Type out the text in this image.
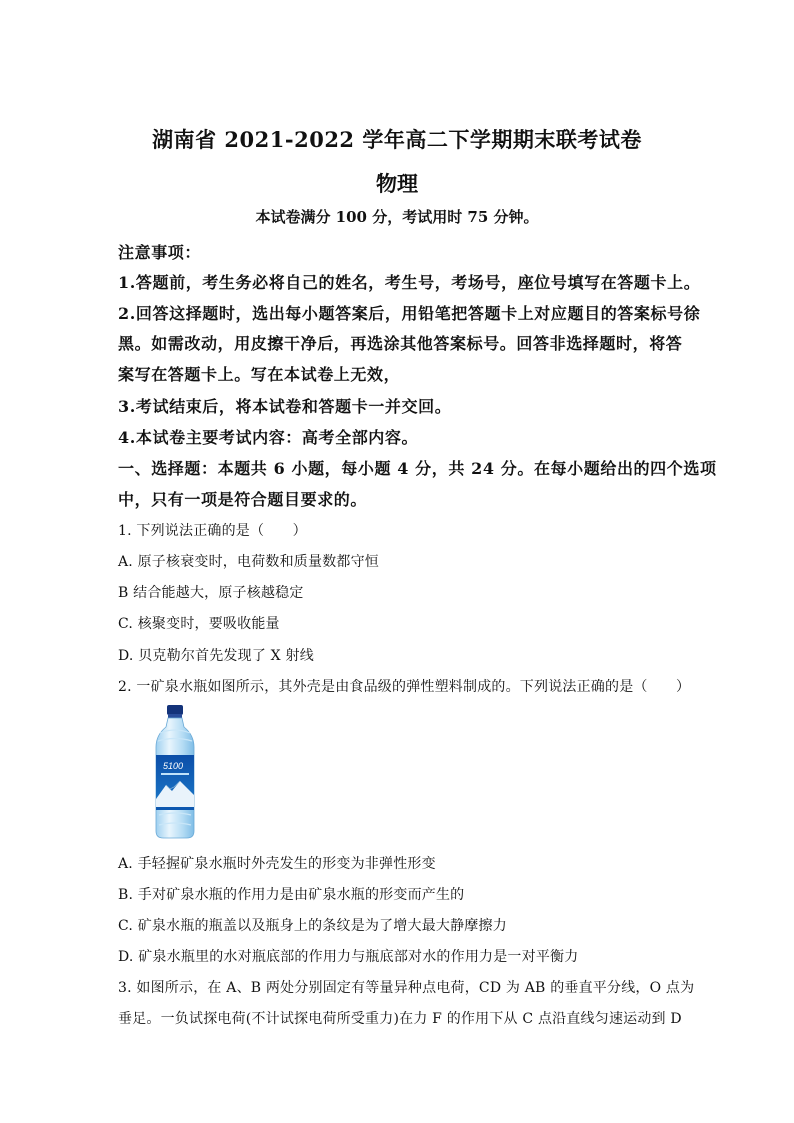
湖南省 2021-2022 学年高二下学期期末联考试卷
物理
本试卷满分 100 分，考试用时 75 分钟。
注意事项：
1.答题前，考生务必将自己的姓名，考生号，考场号，座位号填写在答题卡上。
2.回答这择题时，选出每小题答案后，用铅笔把答题卡上对应题目的答案标号徐
黑。如需改动，用皮擦干净后，再选涂其他答案标号。回答非选择题时，将答
案写在答题卡上。写在本试卷上无效，
3.考试结束后，将本试卷和答题卡一并交回。
4.本试卷主要考试内容：高考全部内容。
一、选择题：本题共 6 小题，每小题 4 分，共 24 分。在每小题给出的四个选项
中，只有一项是符合题目要求的。
1. 下列说法正确的是（　　）
A. 原子核衰变时，电荷数和质量数都守恒
B 结合能越大，原子核越稳定
C. 核聚变时，要吸收能量
D. 贝克勒尔首先发现了 X 射线
2. 一矿泉水瓶如图所示，其外壳是由食品级的弹性塑料制成的。下列说法正确的是（　　）
5100
A. 手轻握矿泉水瓶时外壳发生的形变为非弹性形变
B. 手对矿泉水瓶的作用力是由矿泉水瓶的形变而产生的
C. 矿泉水瓶的瓶盖以及瓶身上的条纹是为了增大最大静摩擦力
D. 矿泉水瓶里的水对瓶底部的作用力与瓶底部对水的作用力是一对平衡力
3. 如图所示，在 A、B 两处分别固定有等量异种点电荷，CD 为 AB 的垂直平分线，O 点为
垂足。一负试探电荷(不计试探电荷所受重力)在力 F 的作用下从 C 点沿直线匀速运动到 D
